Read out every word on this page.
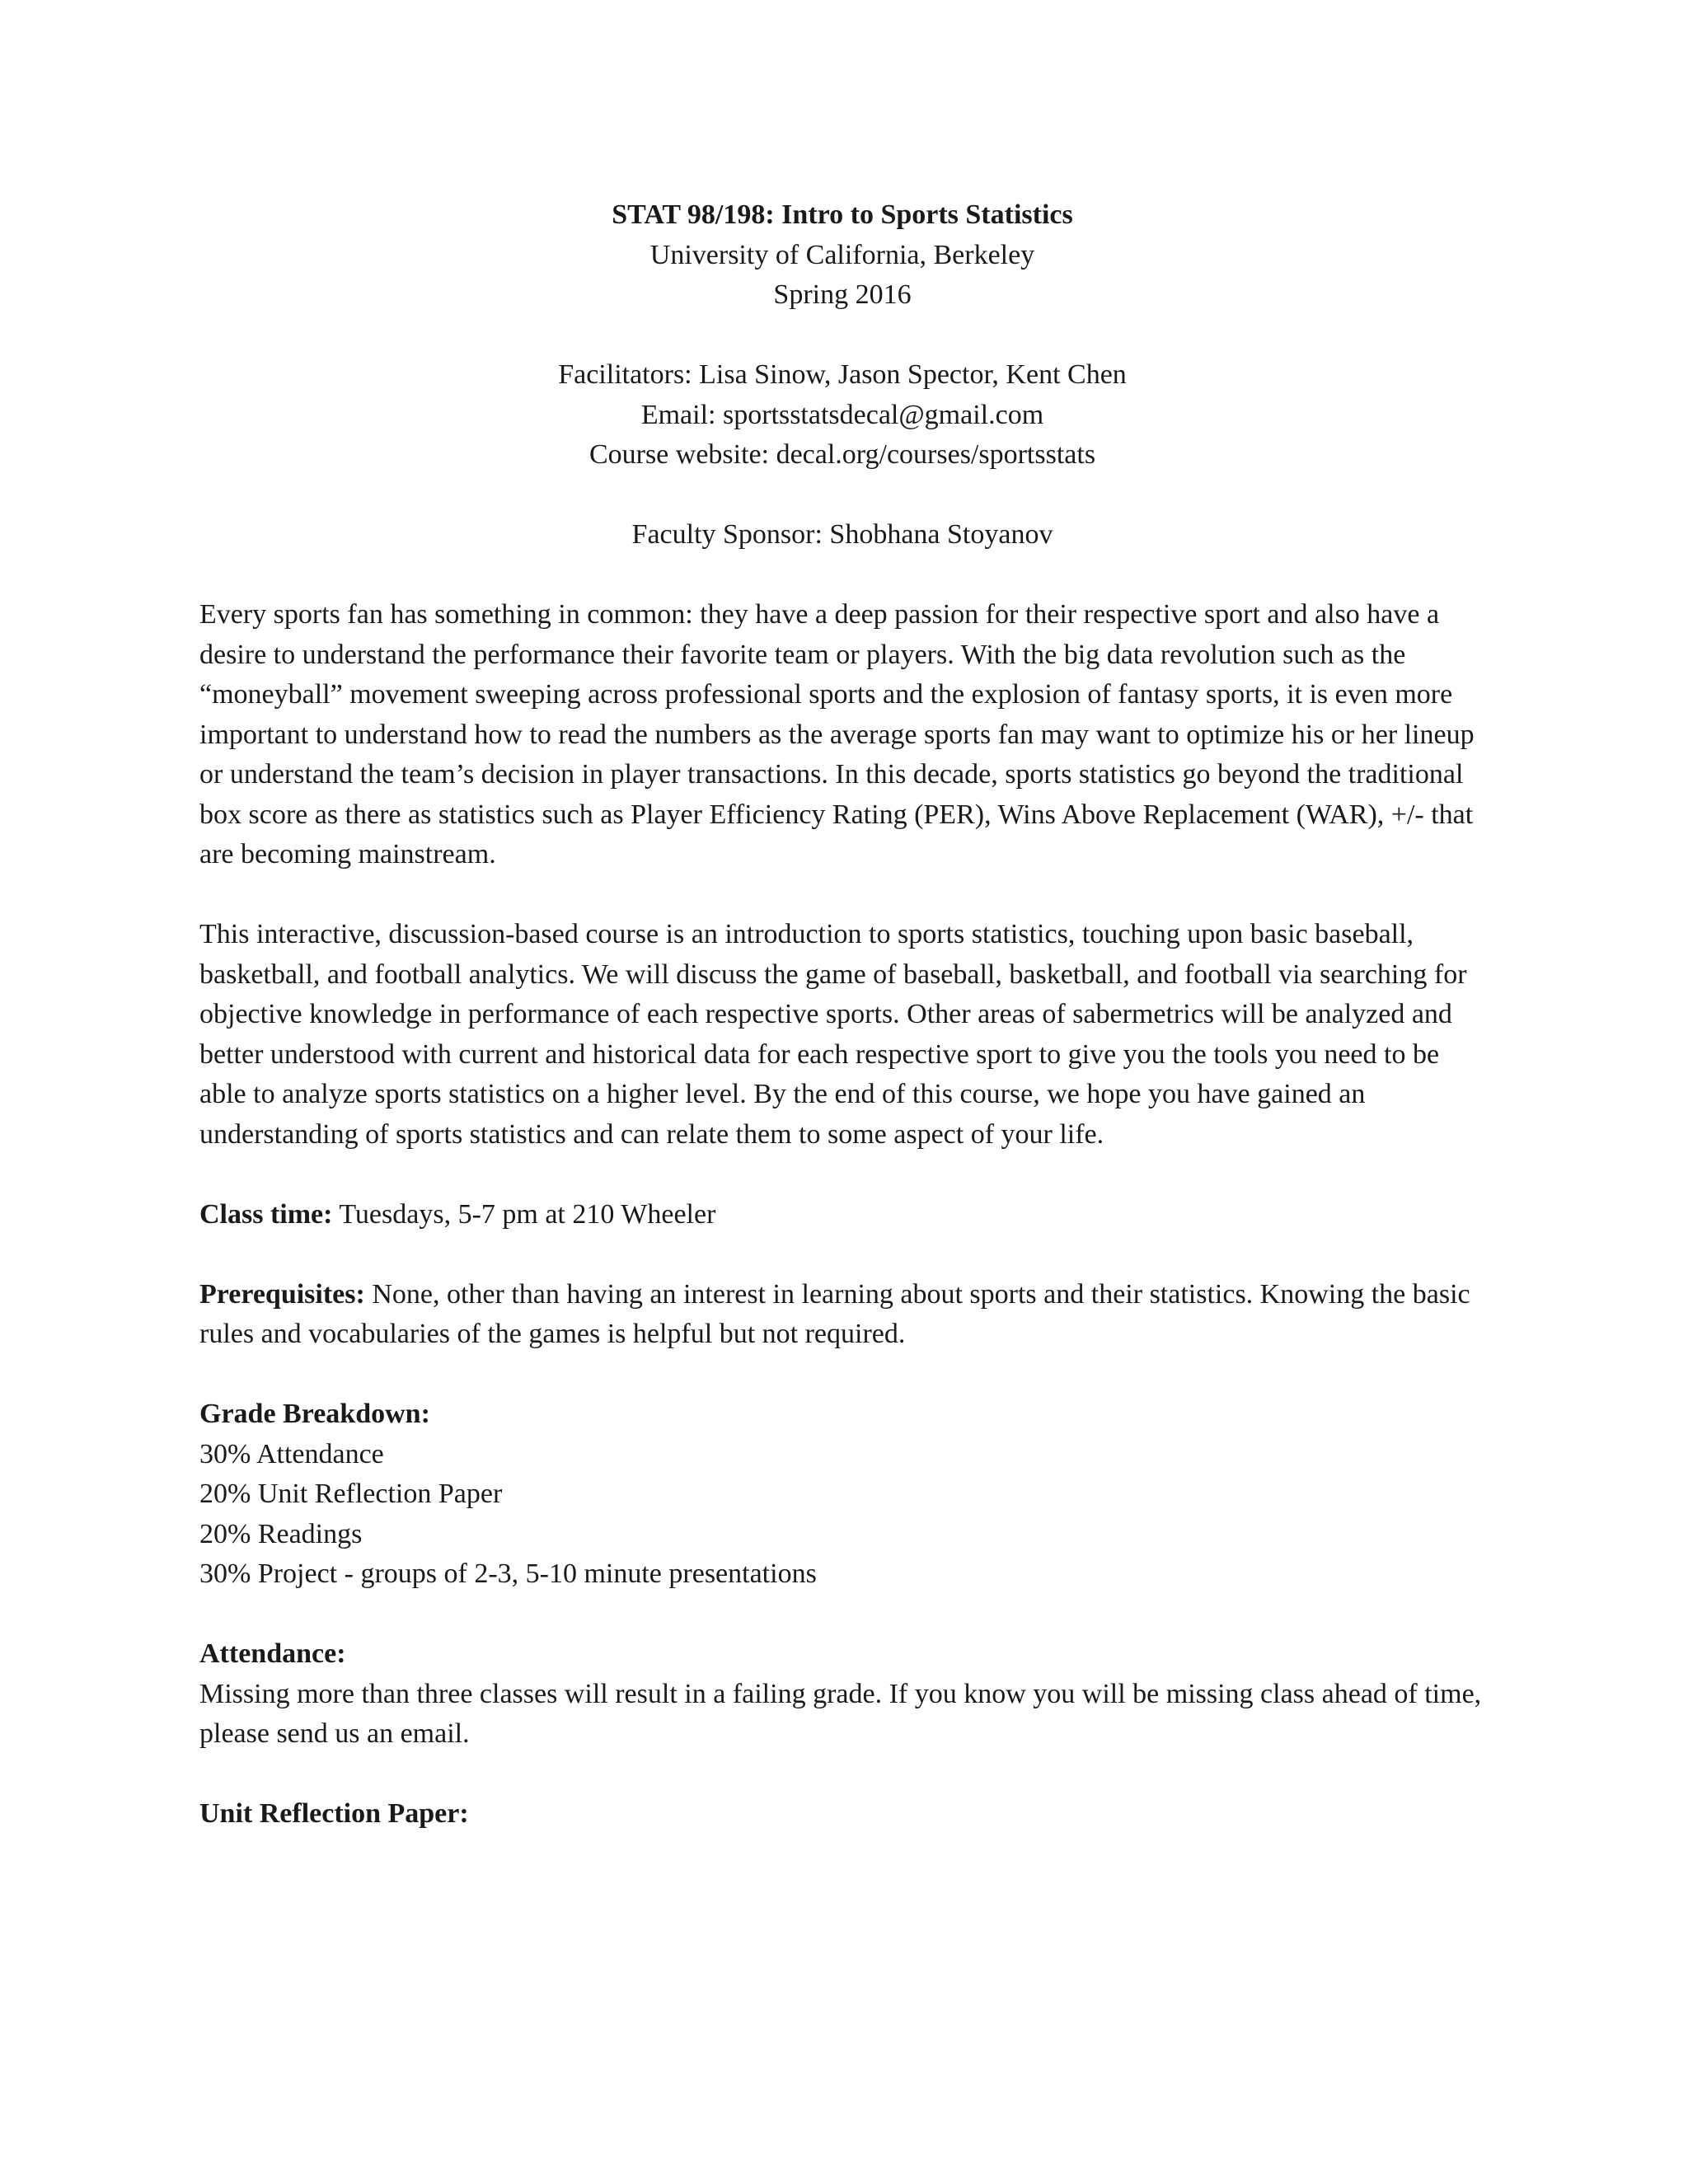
STAT 98/198: Intro to Sports Statistics

University of California, Berkeley

Spring 2016

Facilitators: Lisa Sinow, Jason Spector, Kent Chen

Email: sportsstatsdecal@gmail.com

Course website: decal.org/courses/sportsstats

Faculty Sponsor: Shobhana Stoyanov

Every sports fan has something in common: they have a deep passion for their respective sport and also have a desire to understand the performance their favorite team or players. With the big data revolution such as the “moneyball” movement sweeping across professional sports and the explosion of fantasy sports, it is even more important to understand how to read the numbers as the average sports fan may want to optimize his or her lineup or understand the team’s decision in player transactions. In this decade, sports statistics go beyond the traditional box score as there as statistics such as Player Efficiency Rating (PER), Wins Above Replacement (WAR), +/- that are becoming mainstream.

This interactive, discussion-based course is an introduction to sports statistics, touching upon basic baseball, basketball, and football analytics. We will discuss the game of baseball, basketball, and football via searching for objective knowledge in performance of each respective sports. Other areas of sabermetrics will be analyzed and better understood with current and historical data for each respective sport to give you the tools you need to be able to analyze sports statistics on a higher level. By the end of this course, we hope you have gained an understanding of sports statistics and can relate them to some aspect of your life.

Class time: Tuesdays, 5-7 pm at 210 Wheeler

Prerequisites: None, other than having an interest in learning about sports and their statistics. Knowing the basic rules and vocabularies of the games is helpful but not required.

Grade Breakdown:

30% Attendance

20% Unit Reflection Paper

20% Readings

30% Project - groups of 2-3, 5-10 minute presentations

Attendance:

Missing more than three classes will result in a failing grade. If you know you will be missing class ahead of time, please send us an email.

Unit Reflection Paper:
